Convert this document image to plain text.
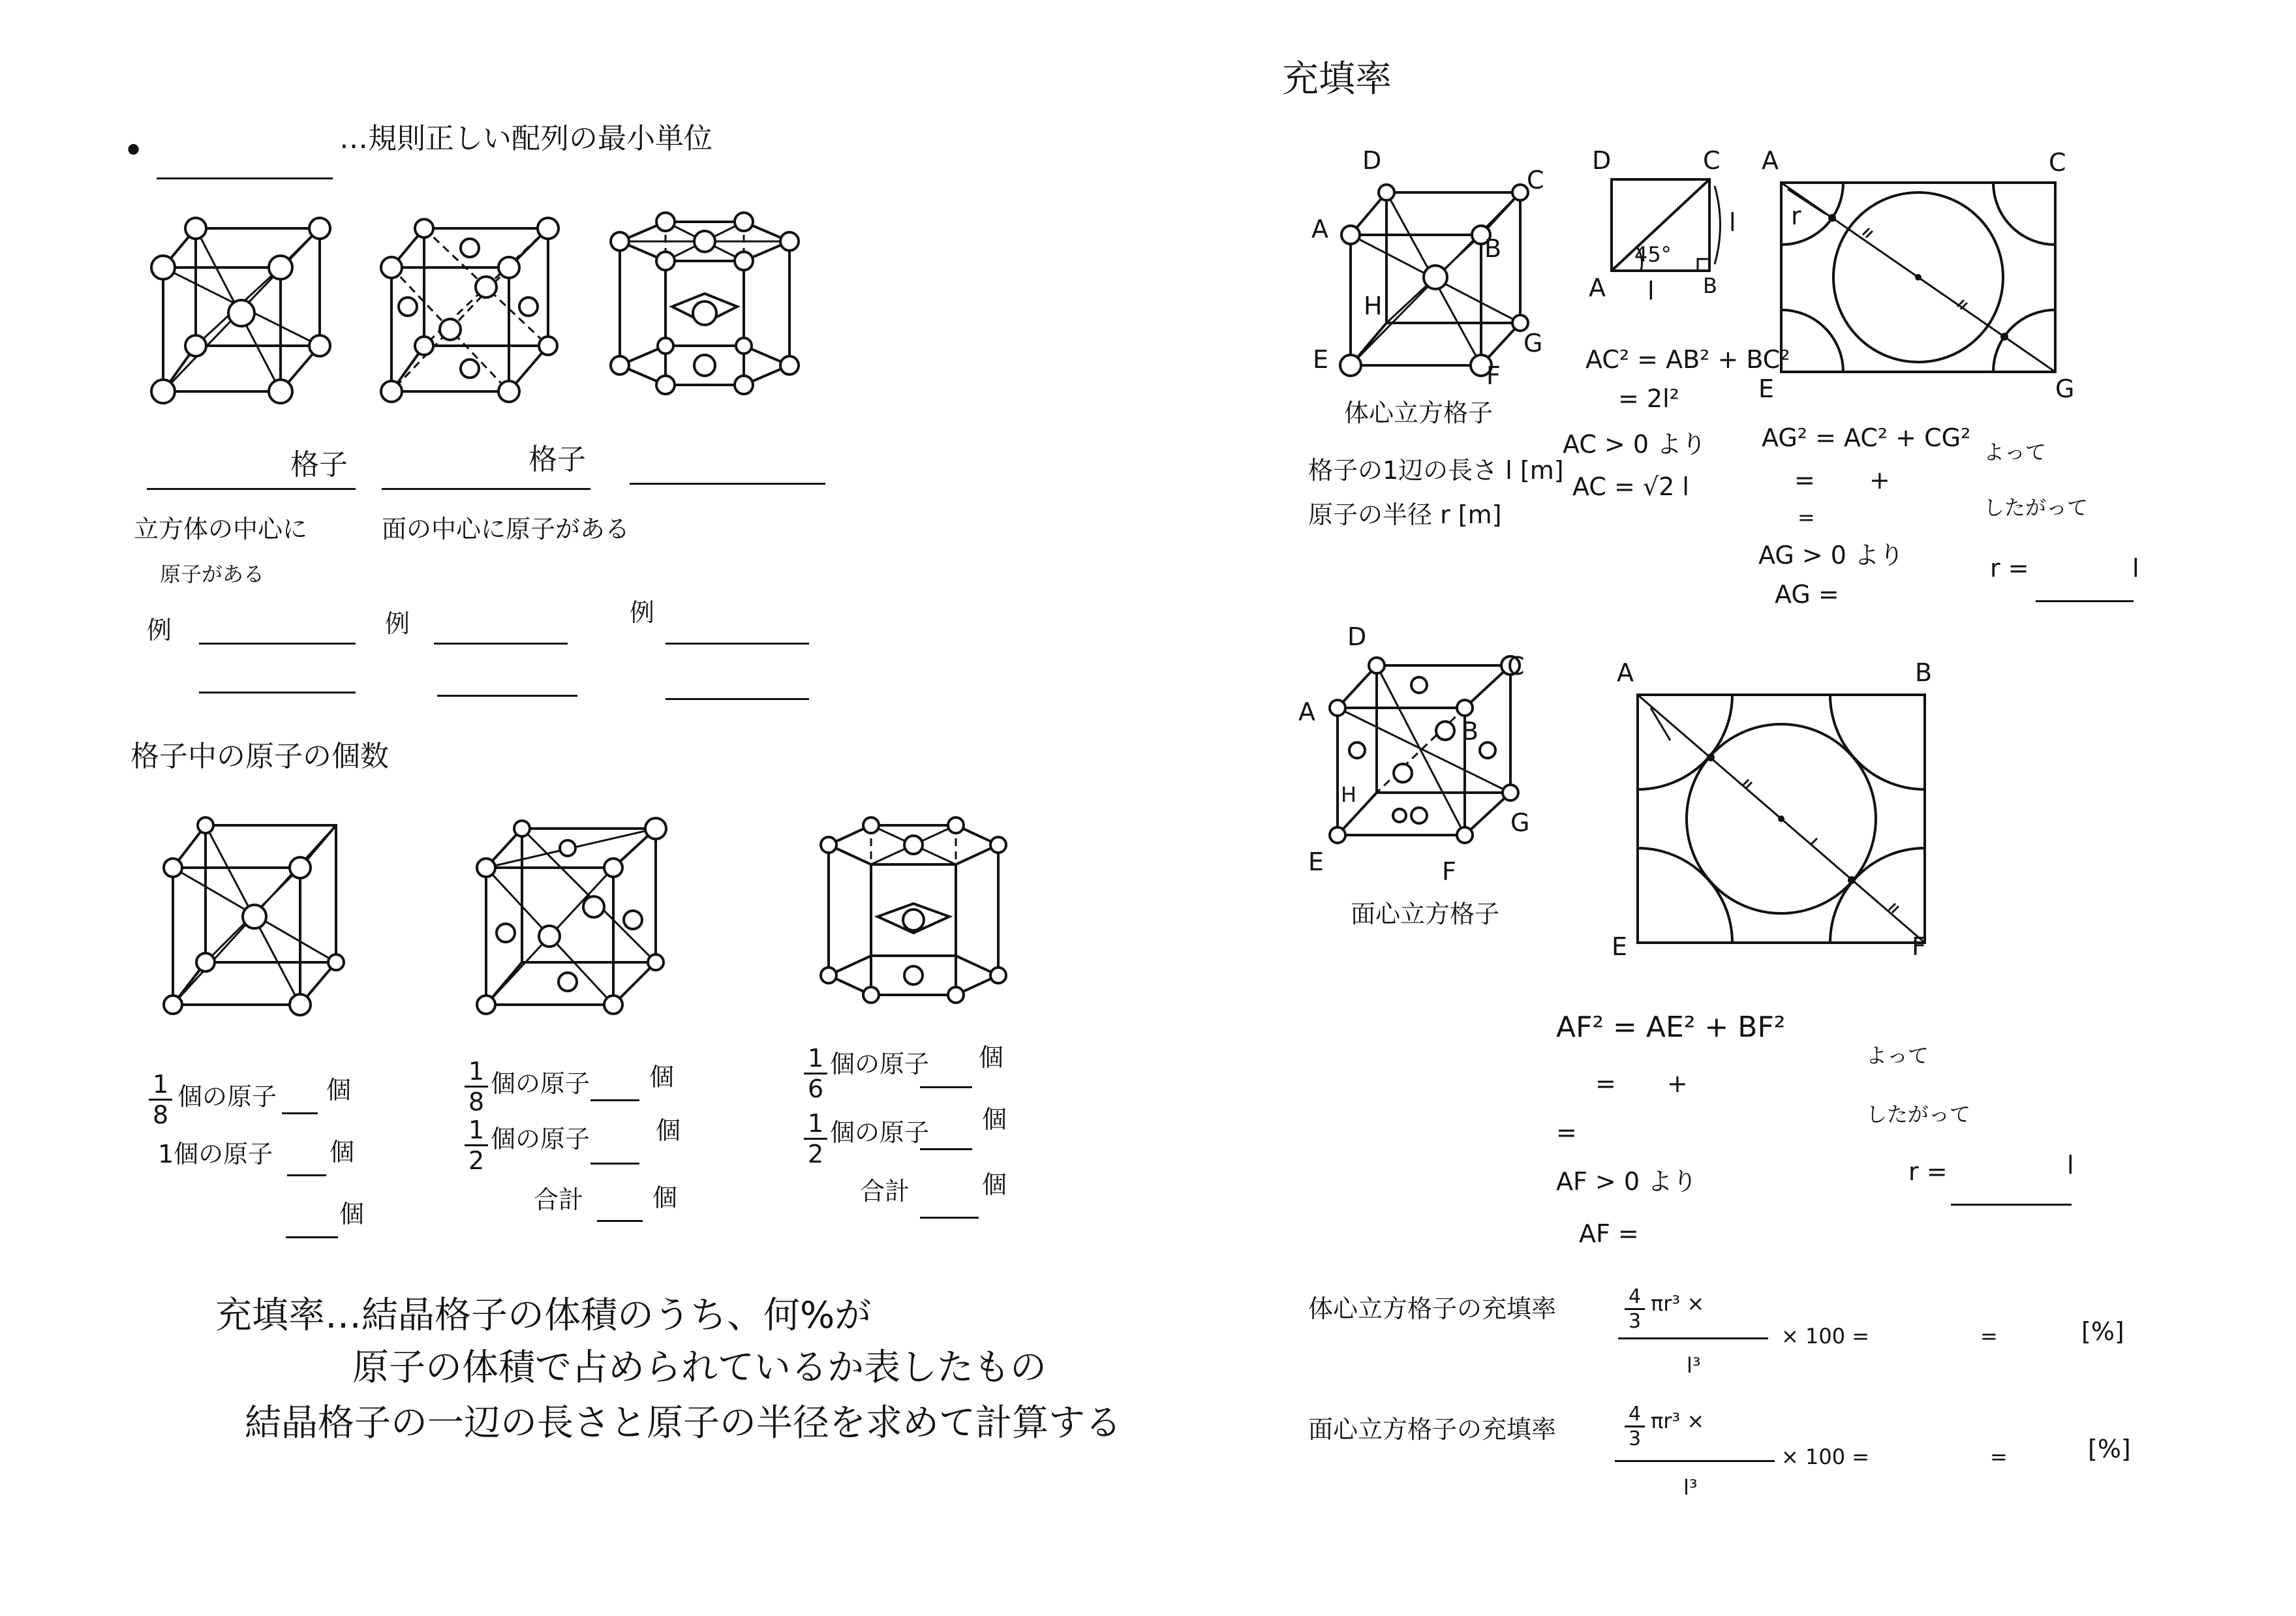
•	…規則正しい配列の最小単位
格子	格子
立方体の中心に
原子がある
面の中心に原子がある
例	例	例
格子中の原子の個数
$\frac{1}{8}$ 個の原子 個
1個の原子 個
個
$\frac{1}{8}$ 個の原子 個
$\frac{1}{2}$ 個の原子	個
合計	個
$\frac{1}{6}$ 個の原子 個
$\frac{1}{2}$ 個の原子 個
合計	個
充填率…結晶格子の体積のうち、何%が
原子の体積で占められているか表したもの
結晶格子の一辺の長さと原子の半径を求めて計算する
充填率
D
C
A
B
H
E
F
G
体心立方格子
格子の1辺の長さ l [m]
原子の半径 r [m]
D	C
A	B
l
l
45°
AC² = AB² + BC²
= 2l²
AC > 0 より
AC = √2 l
A	C
E	G
r
AG² = AC² + CG²
= +
=
AG > 0 より
AG =
よって
したがって
r =	l
D
C
A
B
H
E	F
G
面心立方格子
A	B
E	F
AF² = AE² + BF²
= +
=
AF > 0 より
AF =
よって
したがって
r =	l
体心立方格子の充填率	$\frac{4}{3} \pi r^3$ ×
l³
× 100 =	=	[%]
面心立方格子の充填率	$\frac{4}{3} \pi r^3$ ×
l³
× 100 =	=	[%]
